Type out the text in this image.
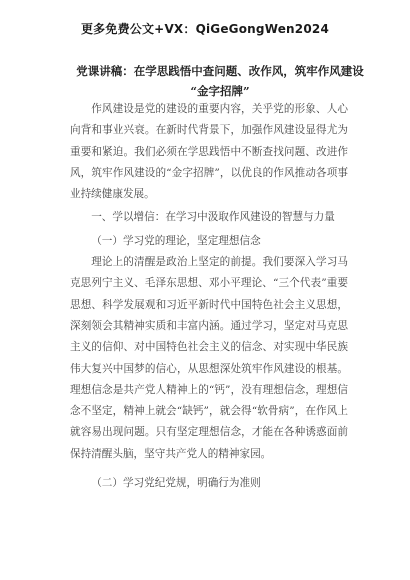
更多免费公文+VX：QiGeGongWen2024
党课讲稿：在学思践悟中查问题、改作风，筑牢作风建设
“金字招牌”

作风建设是党的建设的重要内容，关乎党的形象、人心向背和事业兴衰。在新时代背景下，加强作风建设显得尤为重要和紧迫。我们必须在学思践悟中不断查找问题、改进作风，筑牢作风建设的“金字招牌”，以优良的作风推动各项事业持续健康发展。

一、学以增信：在学习中汲取作风建设的智慧与力量

（一）学习党的理论，坚定理想信念

理论上的清醒是政治上坚定的前提。我们要深入学习马克思列宁主义、毛泽东思想、邓小平理论、“三个代表”重要思想、科学发展观和习近平新时代中国特色社会主义思想，深刻领会其精神实质和丰富内涵。通过学习，坚定对马克思主义的信仰、对中国特色社会主义的信念、对实现中华民族伟大复兴中国梦的信心，从思想深处筑牢作风建设的根基。理想信念是共产党人精神上的“钙”，没有理想信念，理想信念不坚定，精神上就会“缺钙”，就会得“软骨病”，在作风上就容易出现问题。只有坚定理想信念，才能在各种诱惑面前保持清醒头脑，坚守共产党人的精神家园。

（二）学习党纪党规，明确行为准则
